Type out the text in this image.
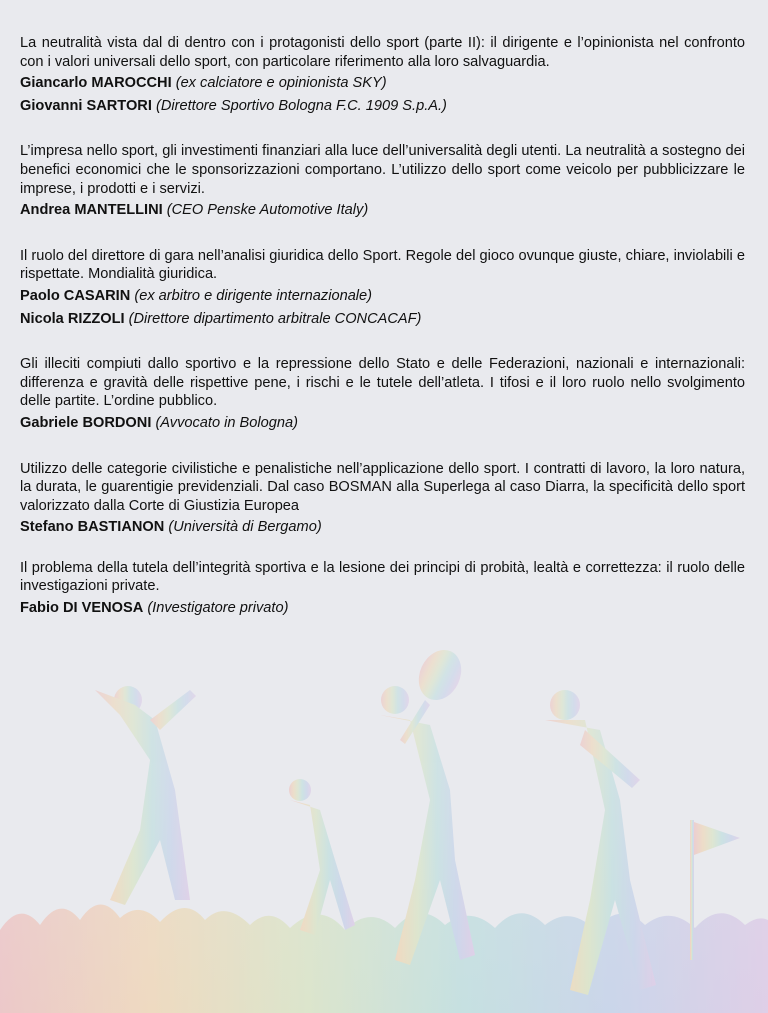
La neutralità vista dal di dentro con i protagonisti dello sport (parte II): il dirigente e l’opinionista nel confronto con i valori universali dello sport, con particolare riferimento alla loro salvaguardia.

Giancarlo MAROCCHI (ex calciatore e opinionista SKY)

Giovanni SARTORI (Direttore Sportivo Bologna F.C. 1909 S.p.A.)

L’impresa nello sport, gli investimenti finanziari alla luce dell’universalità degli utenti. La neutralità a sostegno dei benefici economici che le sponsorizzazioni comportano. L’utilizzo dello sport come veicolo per pubblicizzare le imprese, i prodotti e i servizi.

Andrea MANTELLINI (CEO Penske Automotive Italy)

Il ruolo del direttore di gara nell’analisi giuridica dello Sport. Regole del gioco ovunque giuste, chiare, inviolabili e rispettate. Mondialità giuridica.

Paolo CASARIN (ex arbitro e dirigente internazionale)

Nicola RIZZOLI (Direttore dipartimento arbitrale CONCACAF)

Gli illeciti compiuti dallo sportivo e la repressione dello Stato e delle Federazioni, nazionali e internazionali: differenza e gravità delle rispettive pene, i rischi e le tutele dell’atleta. I tifosi e il loro ruolo nello svolgimento delle partite. L’ordine pubblico.

Gabriele BORDONI (Avvocato in Bologna)

Utilizzo delle categorie civilistiche e penalistiche nell’applicazione dello sport. I contratti di lavoro, la loro natura, la durata, le guarentigie previdenziali. Dal caso BOSMAN alla Superlega al caso Diarra, la specificità dello sport valorizzato dalla Corte di Giustizia Europea

Stefano BASTIANON (Università di Bergamo)

Il problema della tutela dell’integrità sportiva e la lesione dei principi di probità, lealtà e correttezza: il ruolo delle investigazioni private.

Fabio DI VENOSA (Investigatore privato)
